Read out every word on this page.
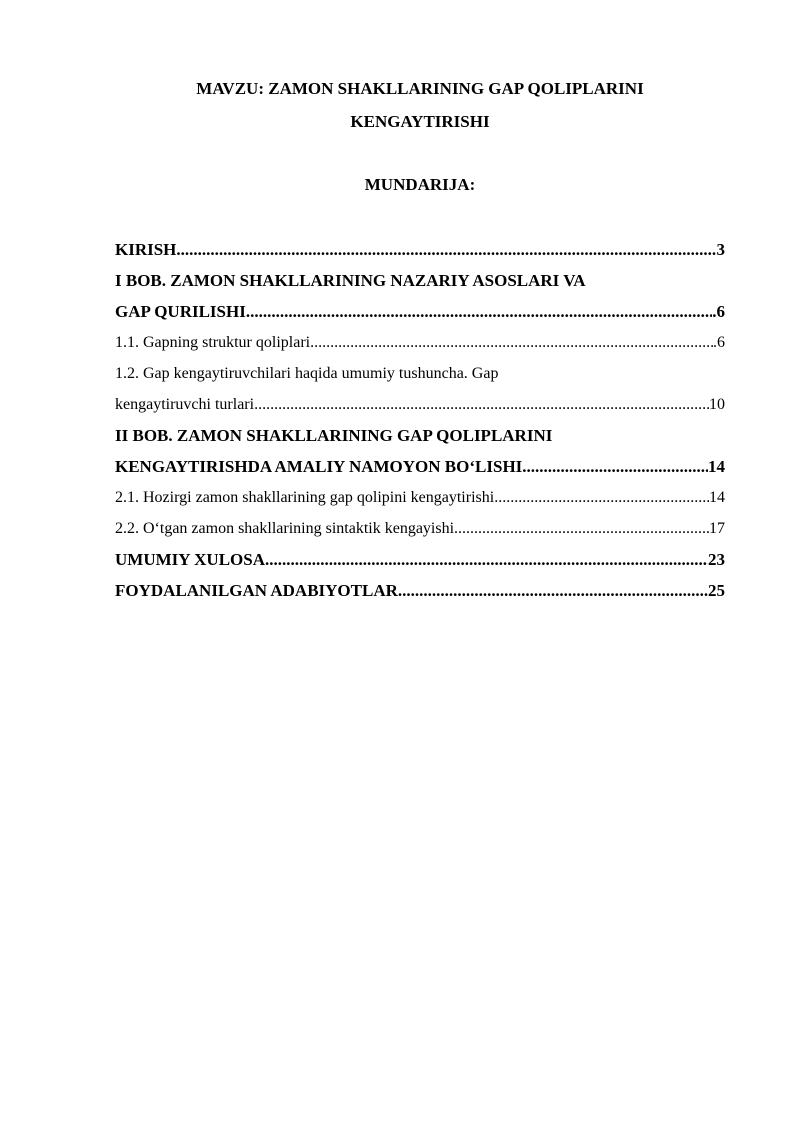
MAVZU: ZAMON SHAKLLARINING GAP QOLIPLARINI
KENGAYTIRISHI
MUNDARIJA:
KIRISH .....	3
I BOB. ZAMON SHAKLLARINING NAZARIY ASOSLARI VA
GAP QURILISHI .....	.6
1.1. Gapning struktur qoliplari .....	.6
1.2. Gap kengaytiruvchilari haqida umumiy tushuncha. Gap
kengaytiruvchi turlari .....	10
II BOB. ZAMON SHAKLLARINING GAP QOLIPLARINI
KENGAYTIRISHDA AMALIY NAMOYON BO‘LISHI .....	14
2.1. Hozirgi zamon shakllarining gap qolipini kengaytirishi .....	14
2.2. O‘tgan zamon shakllarining sintaktik kengayishi .....	17
UMUMIY XULOSA .....	23
FOYDALANILGAN ADABIYOTLAR .....	25
